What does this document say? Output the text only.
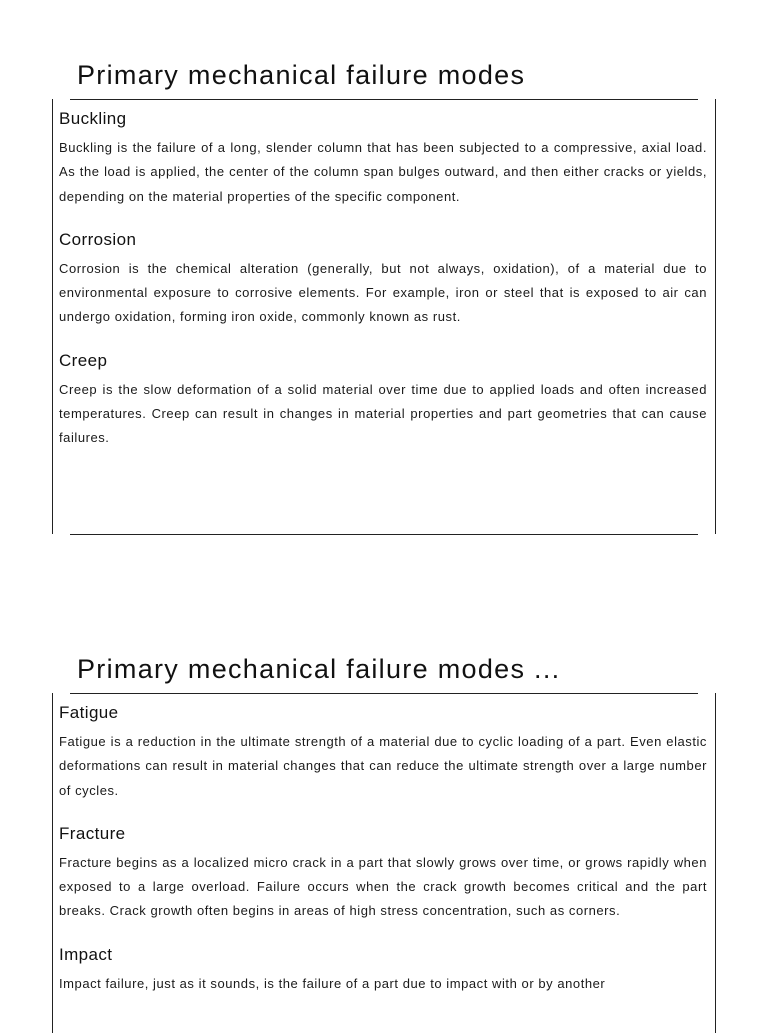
Primary mechanical failure modes
Buckling

Buckling is the failure of a long, slender column that has been subjected to a compressive, axial load. As the load is applied, the center of the column span bulges outward, and then either cracks or yields, depending on the material properties of the specific component.

Corrosion

Corrosion is the chemical alteration (generally, but not always, oxidation), of a material due to environmental exposure to corrosive elements. For example, iron or steel that is exposed to air can undergo oxidation, forming iron oxide, commonly known as rust.

Creep

Creep is the slow deformation of a solid material over time due to applied loads and often increased temperatures. Creep can result in changes in material properties and part geometries that can cause failures.

Primary mechanical failure modes ...
Fatigue

Fatigue is a reduction in the ultimate strength of a material due to cyclic loading of a part. Even elastic deformations can result in material changes that can reduce the ultimate strength over a large number of cycles.

Fracture

Fracture begins as a localized micro crack in a part that slowly grows over time, or grows rapidly when exposed to a large overload. Failure occurs when the crack growth becomes critical and the part breaks. Crack growth often begins in areas of high stress concentration, such as corners.

Impact

Impact failure, just as it sounds, is the failure of a part due to impact with or by another
